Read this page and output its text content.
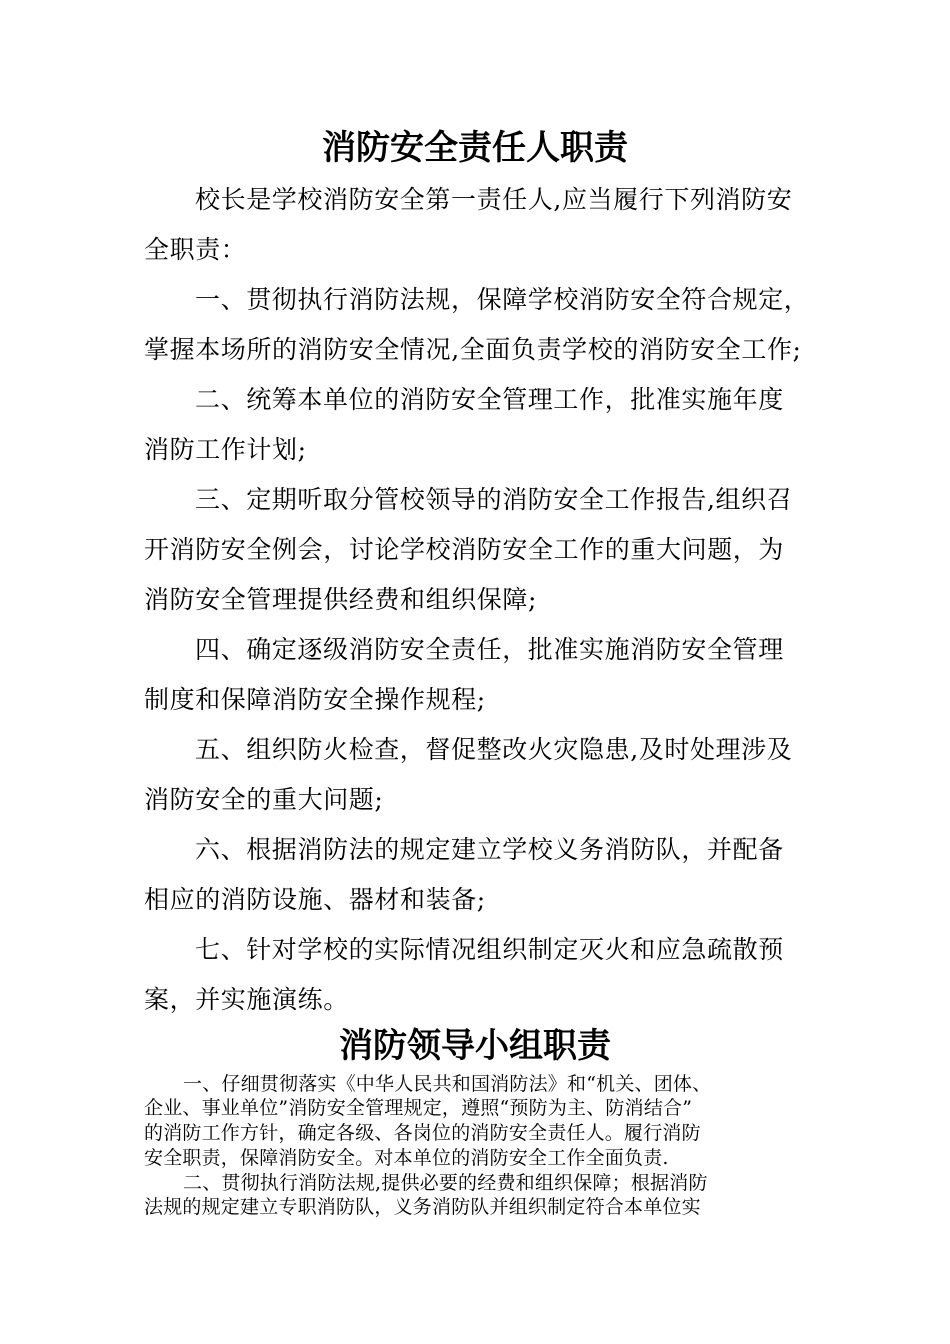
消防安全责任人职责

校长是学校消防安全第一责任人,应当履行下列消防安

全职责：

一、贯彻执行消防法规，保障学校消防安全符合规定，

掌握本场所的消防安全情况,全面负责学校的消防安全工作;

二、统筹本单位的消防安全管理工作，批准实施年度

消防工作计划;

三、定期听取分管校领导的消防安全工作报告,组织召

开消防安全例会，讨论学校消防安全工作的重大问题，为

消防安全管理提供经费和组织保障;

四、确定逐级消防安全责任，批准实施消防安全管理

制度和保障消防安全操作规程;

五、组织防火检查，督促整改火灾隐患,及时处理涉及

消防安全的重大问题;

六、根据消防法的规定建立学校义务消防队，并配备

相应的消防设施、器材和装备;

七、针对学校的实际情况组织制定灭火和应急疏散预

案，并实施演练。

消防领导小组职责

一、仔细贯彻落实《中华人民共和国消防法》和“机关、团体、

企业、事业单位”消防安全管理规定，遵照“预防为主、防消结合”

的消防工作方针，确定各级、各岗位的消防安全责任人。履行消防

安全职责，保障消防安全。对本单位的消防安全工作全面负责.

二、贯彻执行消防法规,提供必要的经费和组织保障；根据消防

法规的规定建立专职消防队，义务消防队并组织制定符合本单位实
